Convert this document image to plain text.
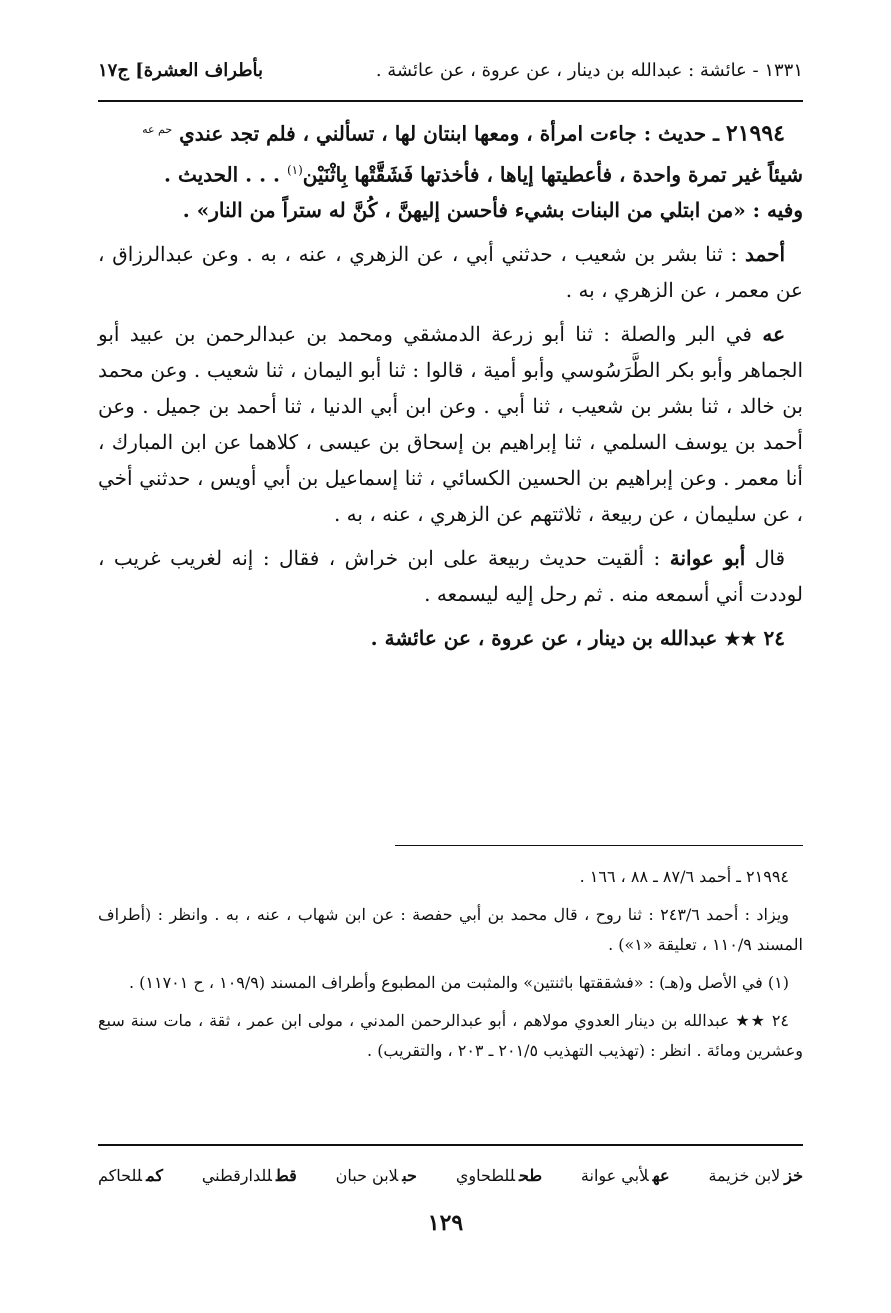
بأطراف العشرة] ج١٧	١٣٣١ - عائشة : عبدالله بن دينار ، عن عروة ، عن عائشة .

٢١٩٩٤ ـ حديث : جاءت امرأة ، ومعها ابنتان لها ، تسألني ، فلم تجد عندي $^{حم عه}$
شيئاً غير تمرة واحدة ، فأعطيتها إياها ، فأخذتها فَشَقَّتْها بِاثْنَيْن$^{(١)}$ . . . الحديث .
وفيه : «من ابتلي من البنات بشيء فأحسن إليهنَّ ، كُنَّ له ستراً من النار» .

أحمد : ثنا بشر بن شعيب ، حدثني أبي ، عن الزهري ، عنه ، به . وعن عبدالرزاق ، عن معمر ، عن الزهري ، به .

عه في البر والصلة : ثنا أبو زرعة الدمشقي ومحمد بن عبدالرحمن بن عبيد أبو الجماهر وأبو بكر الطَّرَسُوسي وأبو أمية ، قالوا : ثنا أبو اليمان ، ثنا شعيب . وعن محمد بن خالد ، ثنا بشر بن شعيب ، ثنا أبي . وعن ابن أبي الدنيا ، ثنا أحمد بن جميل . وعن أحمد بن يوسف السلمي ، ثنا إبراهيم بن إسحاق بن عيسى ، كلاهما عن ابن المبارك ، أنا معمر . وعن إبراهيم بن الحسين الكسائي ، ثنا إسماعيل بن أبي أويس ، حدثني أخي ، عن سليمان ، عن ربيعة ، ثلاثتهم عن الزهري ، عنه ، به .

قال أبو عوانة : ألقيت حديث ربيعة على ابن خراش ، فقال : إنه لغريب غريب ، لوددت أني أسمعه منه . ثم رحل إليه ليسمعه .

٢٤ ★★ عبدالله بن دينار ، عن عروة ، عن عائشة .

٢١٩٩٤ ـ أحمد ٨٧/٦ ـ ٨٨ ، ١٦٦ .

ويزاد : أحمد ٢٤٣/٦ : ثنا روح ، قال محمد بن أبي حفصة : عن ابن شهاب ، عنه ، به . وانظر : (أطراف المسند ١١٠/٩ ، تعليقة «١») .

(١) في الأصل و(هـ) : «فشققتها باثنتين» والمثبت من المطبوع وأطراف المسند (١٠٩/٩ ، ح ١١٧٠١) .

٢٤ ★★ عبدالله بن دينار العدوي مولاهم ، أبو عبدالرحمن المدني ، مولى ابن عمر ، ثقة ، مات سنة سبع وعشرين ومائة . انظر : (تهذيب التهذيب ٢٠١/٥ ـ ٢٠٣ ، والتقريب) .

خزلابن خزيمة
عهلأبي عوانة
طحللطحاوي
حبلابن حبان
قطللدارقطني
كمللحاكم
١٢٩
